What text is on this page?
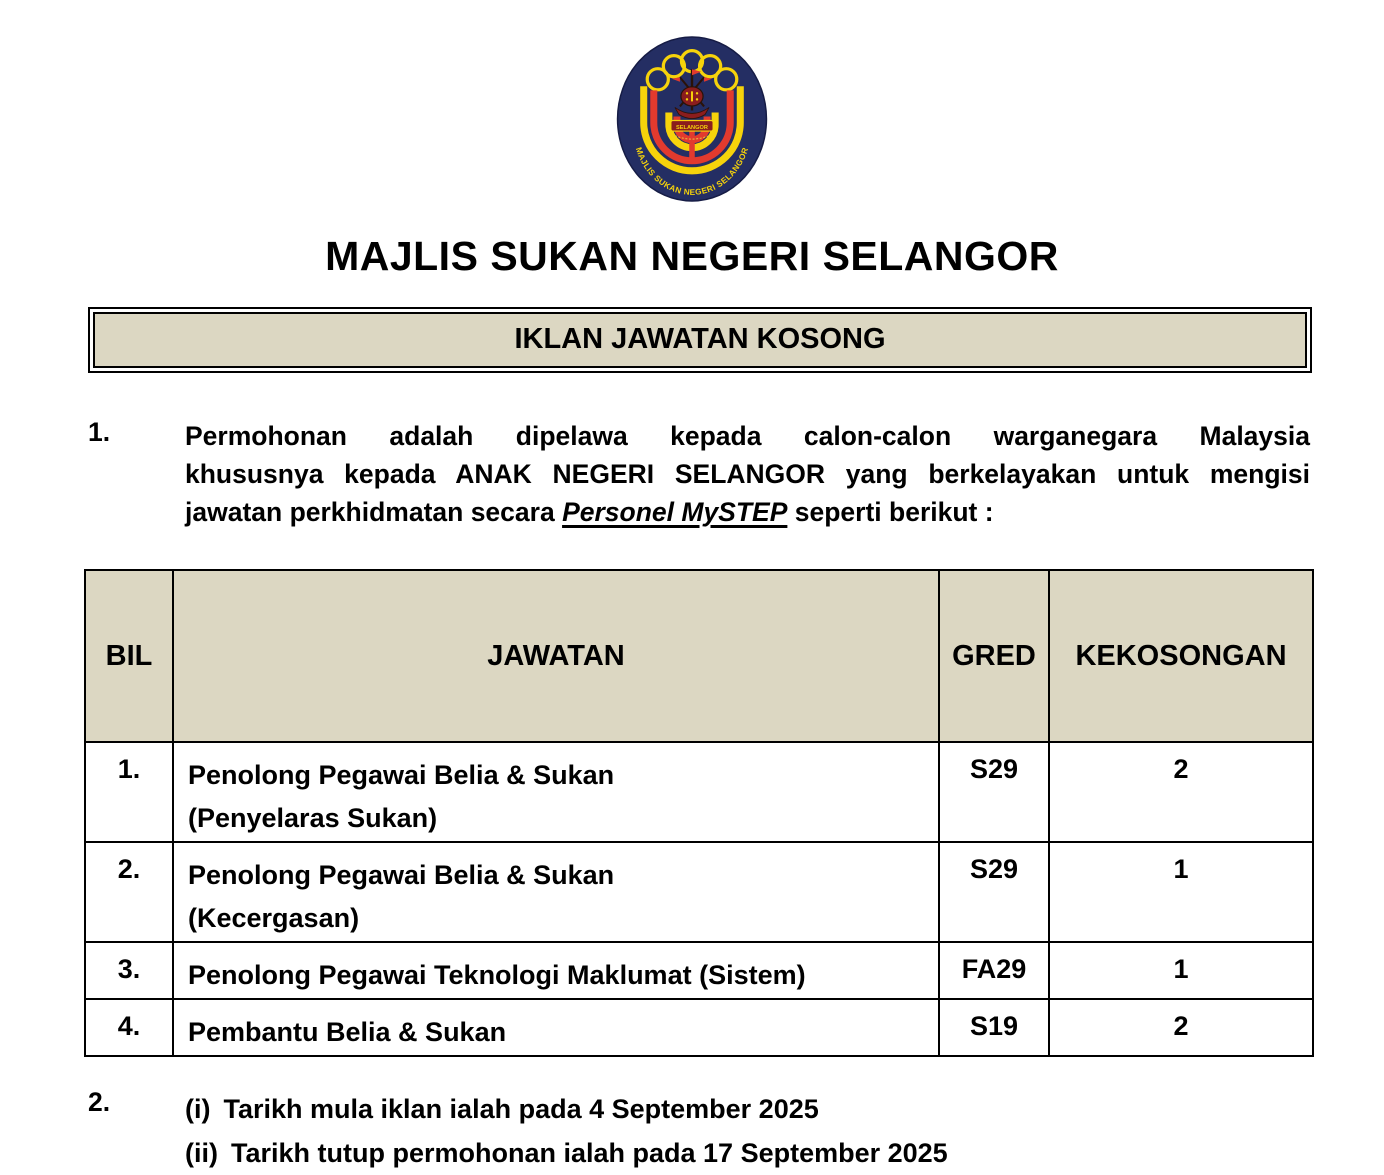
SELANGOR
MAJLIS SUKAN NEGERI SELANGOR
MAJLIS SUKAN NEGERI SELANGOR
IKLAN JAWATAN KOSONG
1.	Permohonan adalah dipelawa kepada calon-calon warganegara Malaysia
khususnya kepada ANAK NEGERI SELANGOR yang berkelayakan untuk mengisi
jawatan perkhidmatan secara Personel MySTEP seperti berikut :
BIL	JAWATAN	GRED	KEKOSONGAN
1.	Penolong Pegawai Belia & Sukan
(Penyelaras Sukan)	S29	2
2.	Penolong Pegawai Belia & Sukan
(Kecergasan)	S29	1
3.	Penolong Pegawai Teknologi Maklumat (Sistem)	FA29	1
4.	Pembantu Belia & Sukan	S19	2
2.	(i) Tarikh mula iklan ialah pada 4 September 2025
(ii) Tarikh tutup permohonan ialah pada 17 September 2025
